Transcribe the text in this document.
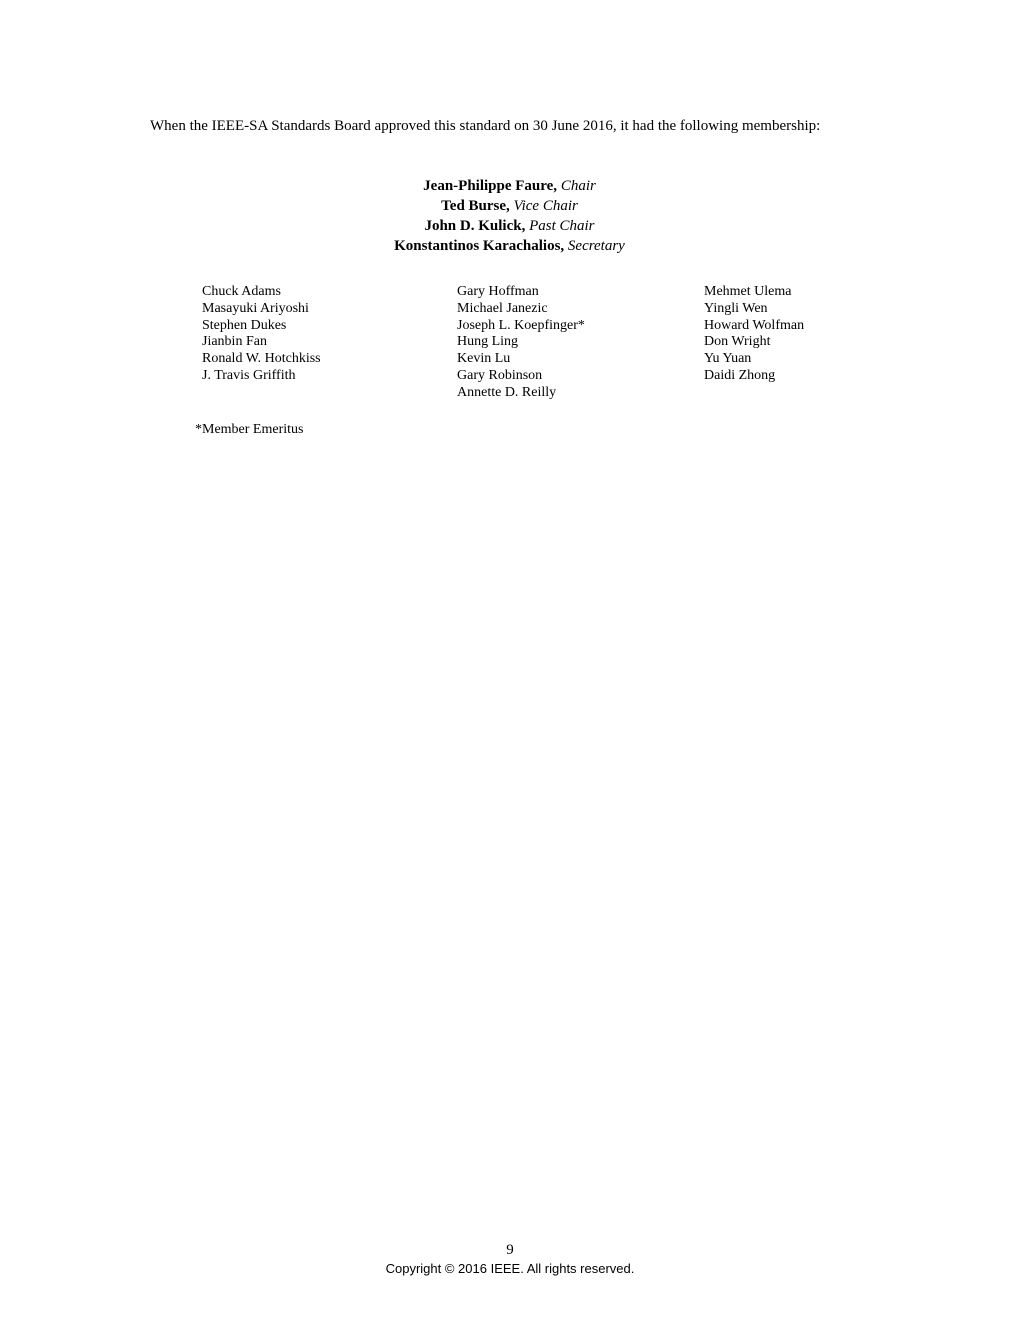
When the IEEE-SA Standards Board approved this standard on 30 June 2016, it had the following membership:

Jean-Philippe Faure, Chair
Ted Burse, Vice Chair
John D. Kulick, Past Chair
Konstantinos Karachalios, Secretary
Chuck Adams
Masayuki Ariyoshi
Stephen Dukes
Jianbin Fan
Ronald W. Hotchkiss
J. Travis Griffith
Gary Hoffman
Michael Janezic
Joseph L. Koepfinger*
Hung Ling
Kevin Lu
Gary Robinson
Annette D. Reilly
Mehmet Ulema
Yingli Wen
Howard Wolfman
Don Wright
Yu Yuan
Daidi Zhong
*Member Emeritus
9
Copyright © 2016 IEEE. All rights reserved.
